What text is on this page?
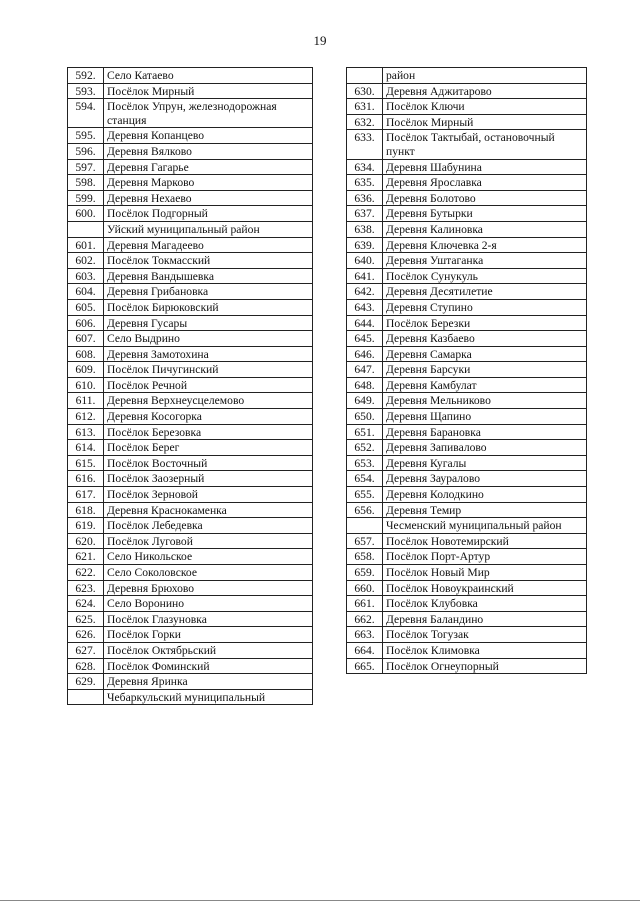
19
592.	Село Катаево
593.	Посёлок Мирный
594.	Посёлок Упрун, железнодорожная станция
595.	Деревня Копанцево
596.	Деревня Вялково
597.	Деревня Гагарье
598.	Деревня Марково
599.	Деревня Нехаево
600.	Посёлок Подгорный
	Уйский муниципальный район
601.	Деревня Магадеево
602.	Посёлок Токмасский
603.	Деревня Вандышевка
604.	Деревня Грибановка
605.	Посёлок Бирюковский
606.	Деревня Гусары
607.	Село Выдрино
608.	Деревня Замотохина
609.	Посёлок Пичугинский
610.	Посёлок Речной
611.	Деревня Верхнеусцелемово
612.	Деревня Косогорка
613.	Посёлок Березовка
614.	Посёлок Берег
615.	Посёлок Восточный
616.	Посёлок Заозерный
617.	Посёлок Зерновой
618.	Деревня Краснокаменка
619.	Посёлок Лебедевка
620.	Посёлок Луговой
621.	Село Никольское
622.	Село Соколовское
623.	Деревня Брюхово
624.	Село Воронино
625.	Посёлок Глазуновка
626.	Посёлок Горки
627.	Посёлок Октябрьский
628.	Посёлок Фоминский
629.	Деревня Яринка
	Чебаркульский муниципальный
	район
630.	Деревня Аджитарово
631.	Посёлок Ключи
632.	Посёлок Мирный
633.	Посёлок Тактыбай, остановочный пункт
634.	Деревня Шабунина
635.	Деревня Ярославка
636.	Деревня Болотово
637.	Деревня Бутырки
638.	Деревня Калиновка
639.	Деревня Ключевка 2-я
640.	Деревня Уштаганка
641.	Посёлок Сунукуль
642.	Деревня Десятилетие
643.	Деревня Ступино
644.	Посёлок Березки
645.	Деревня Казбаево
646.	Деревня Самарка
647.	Деревня Барсуки
648.	Деревня Камбулат
649.	Деревня Мельниково
650.	Деревня Щапино
651.	Деревня Барановка
652.	Деревня Запивалово
653.	Деревня Кугалы
654.	Деревня Зауралово
655.	Деревня Колодкино
656.	Деревня Темир
	Чесменский муниципальный район
657.	Посёлок Новотемирский
658.	Посёлок Порт-Артур
659.	Посёлок Новый Мир
660.	Посёлок Новоукраинский
661.	Посёлок Клубовка
662.	Деревня Баландино
663.	Посёлок Тогузак
664.	Посёлок Климовка
665.	Посёлок Огнеупорный
